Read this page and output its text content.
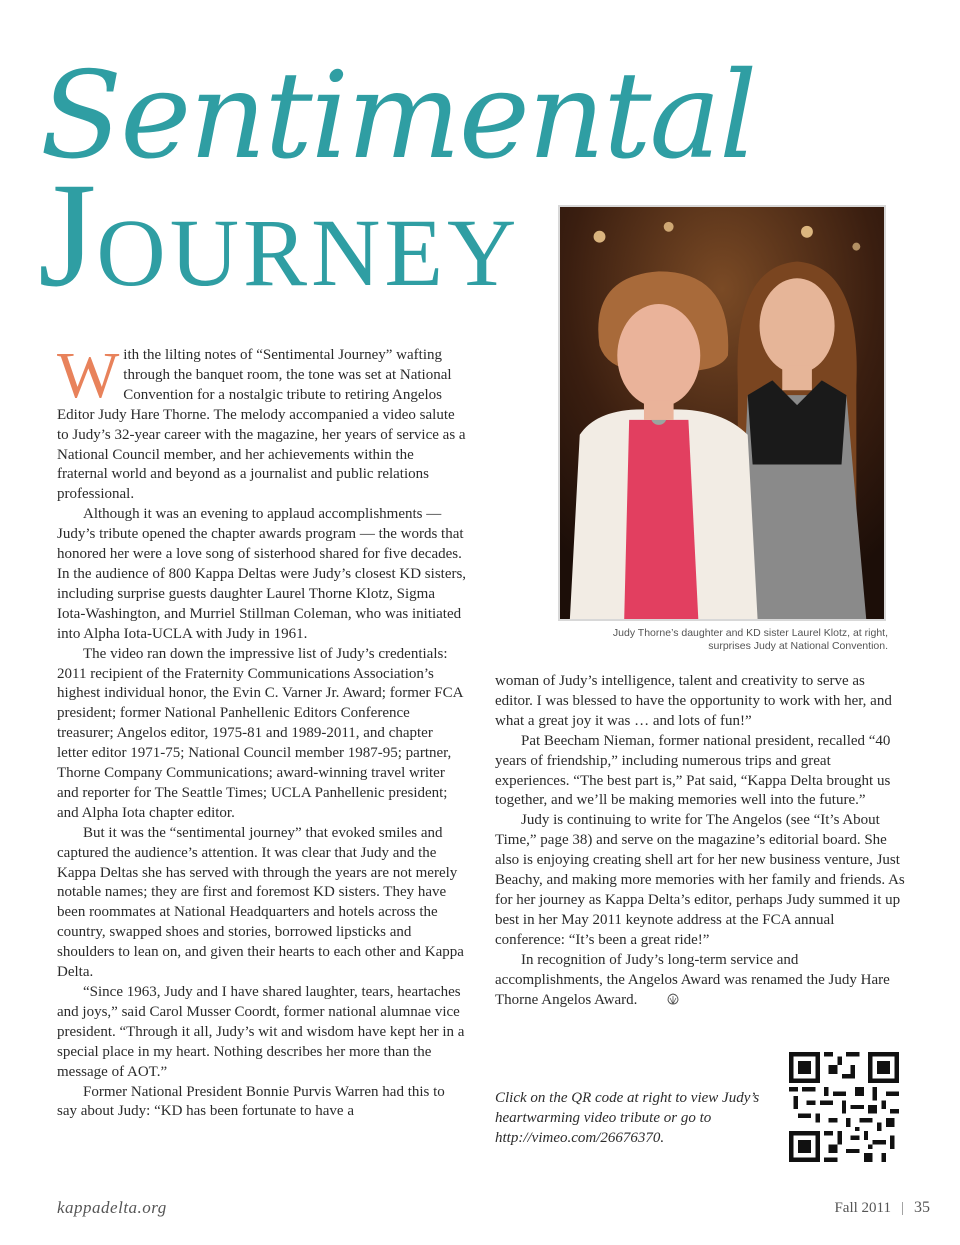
Sentimental
JOURNEY
Judy Thorne’s daughter and KD sister Laurel Klotz, at right,
surprises Judy at National Convention.

With the lilting notes of “Sentimental Journey” wafting through the banquet room, the tone was set at National Convention for a nostalgic tribute to retiring Angelos Editor Judy Hare Thorne. The melody accompanied a video salute to Judy’s 32-year career with the magazine, her years of service as a National Council member, and her achievements within the fraternal world and beyond as a journalist and public relations professional.

Although it was an evening to applaud accomplishments — Judy’s tribute opened the chapter awards program — the words that honored her were a love song of sisterhood shared for five decades. In the audience of 800 Kappa Deltas were Judy’s closest KD sisters, including surprise guests daughter Laurel Thorne Klotz, Sigma Iota-Washington, and Murriel Stillman Coleman, who was initiated into Alpha Iota-UCLA with Judy in 1961.

The video ran down the impressive list of Judy’s credentials: 2011 recipient of the Fraternity Communications Association’s highest individual honor, the Evin C. Varner Jr. Award; former FCA president; former National Panhellenic Editors Conference treasurer; Angelos editor, 1975-81 and 1989-2011, and chapter letter editor 1971-75; National Council member 1987-95; partner, Thorne Company Communications; award-winning travel writer and reporter for The Seattle Times; UCLA Panhellenic president; and Alpha Iota chapter editor.

But it was the “sentimental journey” that evoked smiles and captured the audience’s attention. It was clear that Judy and the Kappa Deltas she has served with through the years are not merely notable names; they are first and foremost KD sisters. They have been roommates at National Headquarters and hotels across the country, swapped shoes and stories, borrowed lipsticks and shoulders to lean on, and given their hearts to each other and Kappa Delta.

“Since 1963, Judy and I have shared laughter, tears, heartaches and joys,” said Carol Musser Coordt, former national alumnae vice president. “Through it all, Judy’s wit and wisdom have kept her in a special place in my heart. Nothing describes her more than the message of AOT.”

Former National President Bonnie Purvis Warren had this to say about Judy: “KD has been fortunate to have a

woman of Judy’s intelligence, talent and creativity to serve as editor. I was blessed to have the opportunity to work with her, and what a great joy it was … and lots of fun!”

Pat Beecham Nieman, former national president, recalled “40 years of friendship,” including numerous trips and great experiences. “The best part is,” Pat said, “Kappa Delta brought us together, and we’ll be making memories well into the future.”

Judy is continuing to write for The Angelos (see “It’s About Time,” page 38) and serve on the magazine’s editorial board. She also is enjoying creating shell art for her new business venture, Just Beachy, and making more memories with her family and friends. As for her journey as Kappa Delta’s editor, perhaps Judy summed it up best in her May 2011 keynote address at the FCA annual conference: “It’s been a great ride!”

In recognition of Judy’s long-term service and accomplishments, the Angelos Award was renamed the Judy Hare Thorne Angelos Award.

Click on the QR code at right to view Judy’s heartwarming video tribute or go to http://vimeo.com/26676370.
kappadelta.org	Fall 2011 | 35
